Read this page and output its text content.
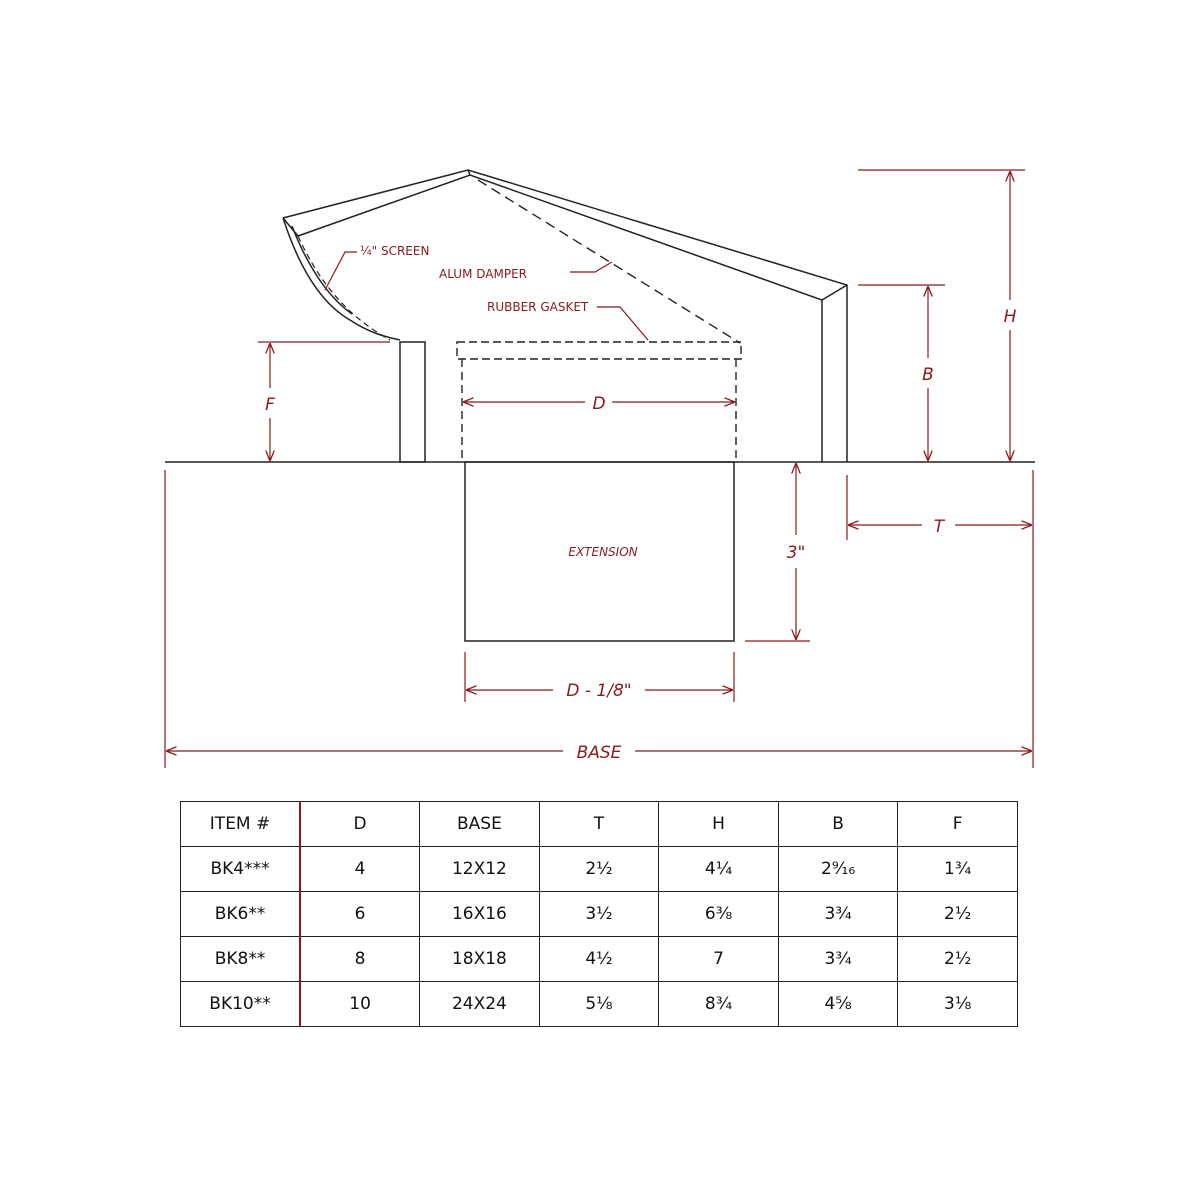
EXTENSION
¼" SCREEN
ALUM DAMPER
RUBBER GASKET	H
B
F	D
T
3"
D - 1/8"
BASE
ITEM #	D	BASE	T	H	B	F
BK4***	4	12X12	2½	4¼	2⁹⁄₁₆	1¾
BK6**	6	16X16	3½	6⅜	3¾	2½
BK8**	8	18X18	4½	7	3¾	2½
BK10**	10	24X24	5⅛	8¾	4⅝	3⅛
